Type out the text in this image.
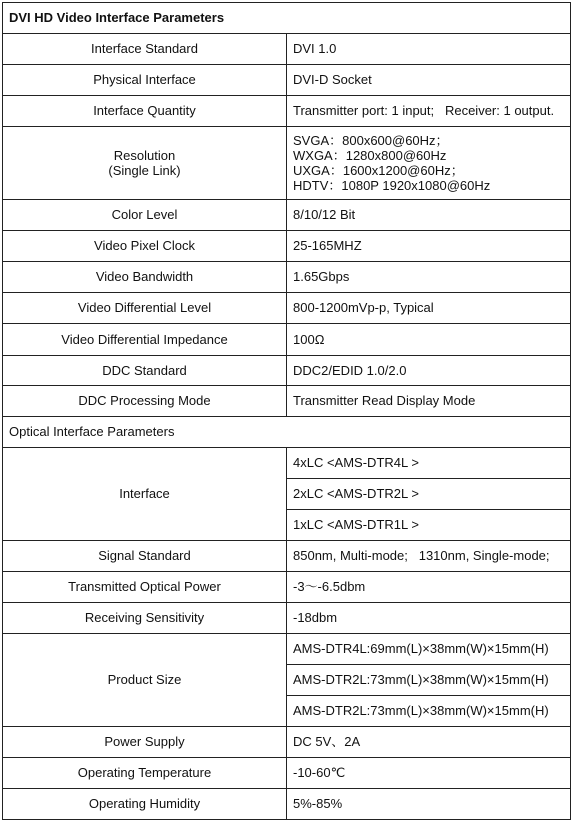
DVI HD Video Interface Parameters	
Interface Standard	DVI 1.0
Physical Interface	DVI-D Socket
Interface Quantity	Transmitter port: 1 input;   Receiver: 1 output.

Resolution
(Single Link)	SVGA：800x600@60Hz；
WXGA：1280x800@60Hz
UXGA：1600x1200@60Hz；
HDTV：1080P 1920x1080@60Hz

Color Level	8/10/12 Bit
Video Pixel Clock	25-165MHZ
Video Bandwidth	1.65Gbps
Video Differential Level	800-1200mVp-p, Typical
Video Differential Impedance	100Ω
DDC Standard	DDC2/EDID 1.0/2.0
DDC Processing Mode	Transmitter Read Display Mode
Optical Interface Parameters	
Interface	4xLC <AMS-DTR4L >
	2xLC <AMS-DTR2L >
	1xLC <AMS-DTR1L >
Signal Standard	850nm, Multi-mode;   1310nm, Single-mode;
Transmitted Optical Power	-3～-6.5dbm
Receiving Sensitivity	-18dbm
Product Size	AMS-DTR4L:69mm(L)×38mm(W)×15mm(H)
	AMS-DTR2L:73mm(L)×38mm(W)×15mm(H)
	AMS-DTR2L:73mm(L)×38mm(W)×15mm(H)
Power Supply	DC 5V、2A
Operating Temperature	-10-60℃
Operating Humidity	5%-85%
